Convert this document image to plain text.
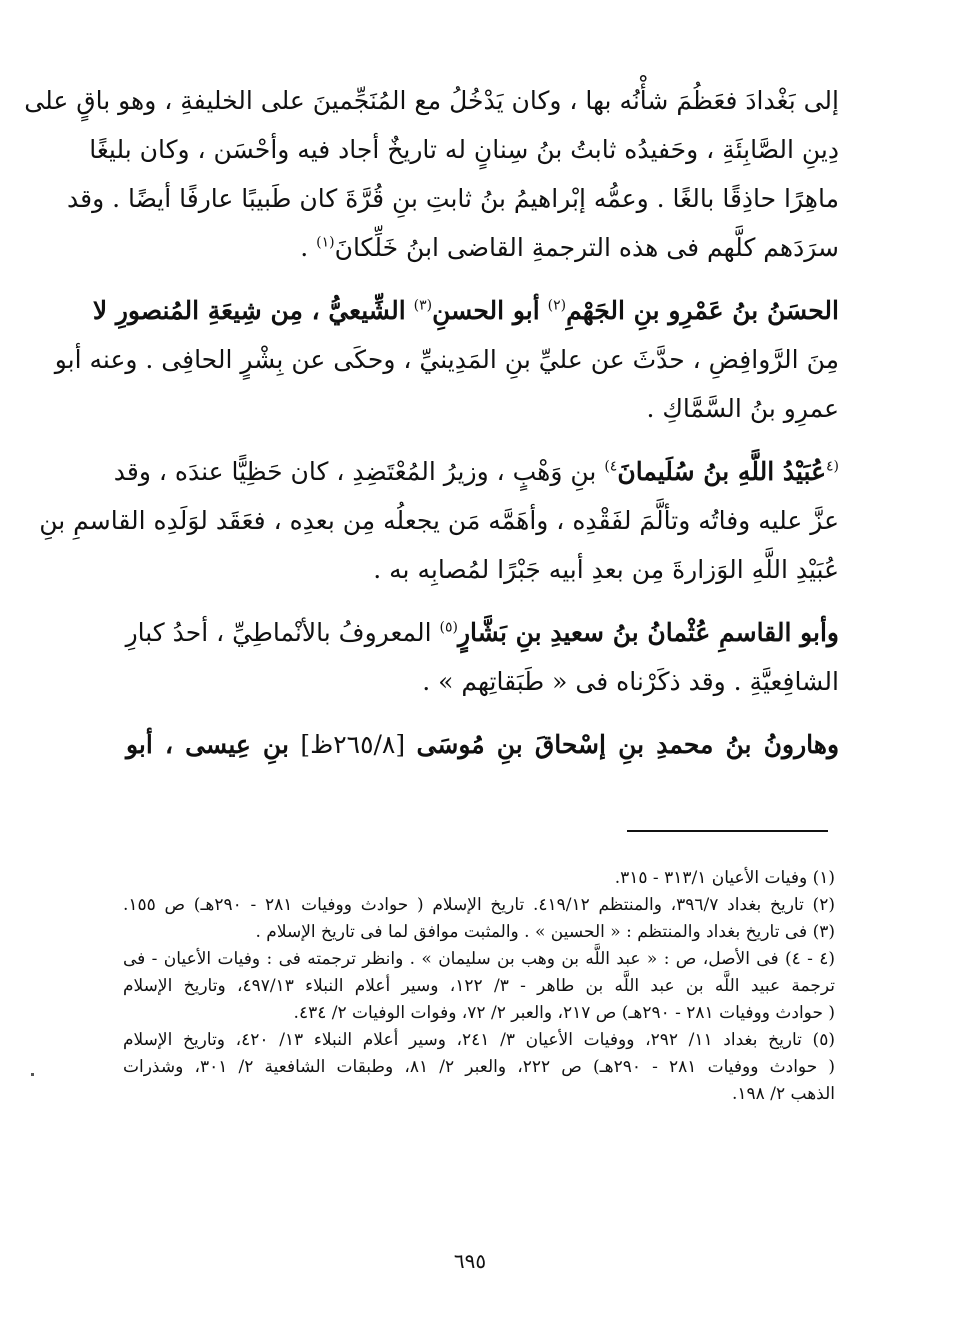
إلى بَغْدادَ فعَظُمَ شأْنُه بها ، وكان يَدْخُلُ مع المُنَجِّمينَ على الخليفةِ ، وهو باقٍ على
دِينِ الصَّابِئَةِ ، وحَفيدُه ثابتُ بنُ سِنانٍ له تاريخٌ أجاد فيه وأحْسَن ، وكان بليغًا
ماهِرًا حاذِقًا بالغًا . وعمُّه إبْراهيمُ بنُ ثابتِ بنِ قُرَّةَ كان طَبيبًا عارفًا أيضًا . وقد
سرَدَهم كلَّهم فى هذه الترجمةِ القاضى ابنُ خَلِّكانَ$^{(١)}$ .
الحسَنُ بنُ عَمْرِو بنِ الجَهْمِ$^{(٢)}$ أبو الحسنِ$^{(٣)}$ الشِّيعيُّ ، مِن شِيعَةِ المُنصورِ لا
مِنَ الرَّوافِضِ ، حدَّثَ عن عليِّ بنِ المَدِينيِّ ، وحكَى عن بِشْرٍ الحافِى . وعنه أبو
عمرِو بنُ السَّمَّاكِ .
$^{(٤}$عُبَيْدُ اللَّهِ بنُ سُلَيمانَ$^{٤)}$ بنِ وَهْبٍ ، وزيرُ المُعْتَضِدِ ، كان حَظِيًّا عندَه ، وقد
عزَّ عليه وفاتُه وتألَّمَ لفَقْدِه ، وأهَمَّه مَن يجعلُه مِن بعدِه ، فعَقَد لوَلَدِه القاسمِ بنِ
عُبَيْدِ اللَّهِ الوَزارةَ مِن بعدِ أبيه جَبْرًا لمُصابِه به .
وأبو القاسمِ عُثْمانُ بنُ سعيدِ بنِ بَشَّارٍ$^{(٥)}$ المعروفُ بالأنْماطِيِّ ، أحدُ كبارِ
الشافِعيَّةِ . وقد ذكَرْناه فى « طَبَقاتِهم » .
وهارونُ بنُ محمدِ بنِ إسْحاقَ بنِ مُوسَى [٢٦٥/٨ظ] بنِ عِيسى ، أبو
(١) وفيات الأعيان ٣١٣/١ - ٣١٥.
(٢) تاريخ بغداد ٣٩٦/٧، والمنتظم ٤١٩/١٢. تاريخ الإسلام ( حوادث ووفيات ٢٨١ - ٢٩٠هـ) ص ١٥٥.
(٣) فى تاريخ بغداد والمنتظم : « الحسين » . والمثبت موافق لما فى تاريخ الإسلام .
(٤ - ٤) فى الأصل، ص : « عبد اللَّه بن وهب بن سليمان » . وانظر ترجمته فى : وفيات الأعيان - فى
ترجمة عبيد اللَّه بن عبد اللَّه بن طاهر - ٣/ ١٢٢، وسير أعلام النبلاء ٤٩٧/١٣، وتاريخ الإسلام
( حوادث ووفيات ٢٨١ - ٢٩٠هـ) ص ٢١٧، والعبر ٢/ ٧٢، وفوات الوفيات ٢/ ٤٣٤.
(٥) تاريخ بغداد ١١/ ٢٩٢، ووفيات الأعيان ٣/ ٢٤١، وسير أعلام النبلاء ١٣/ ٤٢٠، وتاريخ الإسلام
( حوادث ووفيات ٢٨١ - ٢٩٠هـ) ص ٢٢٢، والعبر ٢/ ٨١، وطبقات الشافعية ٢/ ٣٠١، وشذرات
الذهب ٢/ ١٩٨.
٦٩٥
